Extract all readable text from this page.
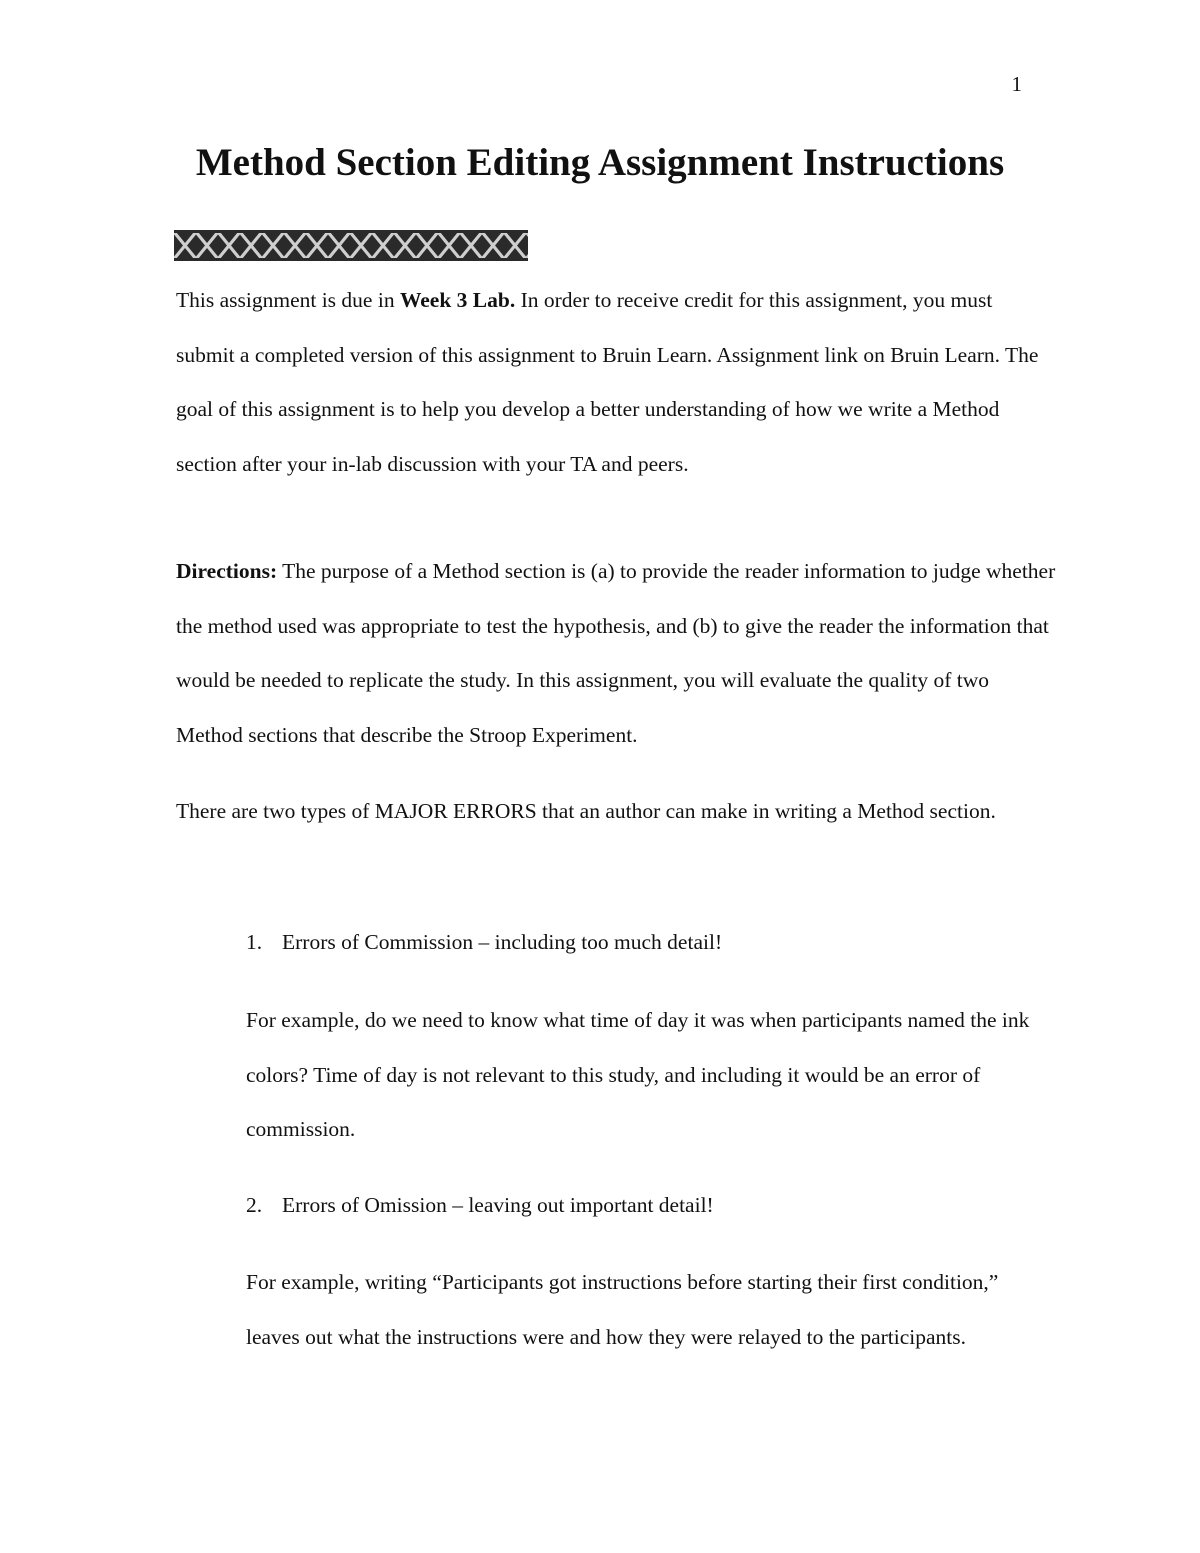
1
Method Section Editing Assignment Instructions

This assignment is due in Week 3 Lab. In order to receive credit for this assignment, you must submit a completed version of this assignment to Bruin Learn. Assignment link on Bruin Learn. The goal of this assignment is to help you develop a better understanding of how we write a Method section after your in-lab discussion with your TA and peers.

Directions: The purpose of a Method section is (a) to provide the reader information to judge whether the method used was appropriate to test the hypothesis, and (b) to give the reader the information that would be needed to replicate the study. In this assignment, you will evaluate the quality of two Method sections that describe the Stroop Experiment.

There are two types of MAJOR ERRORS that an author can make in writing a Method section.

1. Errors of Commission – including too much detail!

For example, do we need to know what time of day it was when participants named the ink colors? Time of day is not relevant to this study, and including it would be an error of commission.

2. Errors of Omission – leaving out important detail!

For example, writing “Participants got instructions before starting their first condition,” leaves out what the instructions were and how they were relayed to the participants.
